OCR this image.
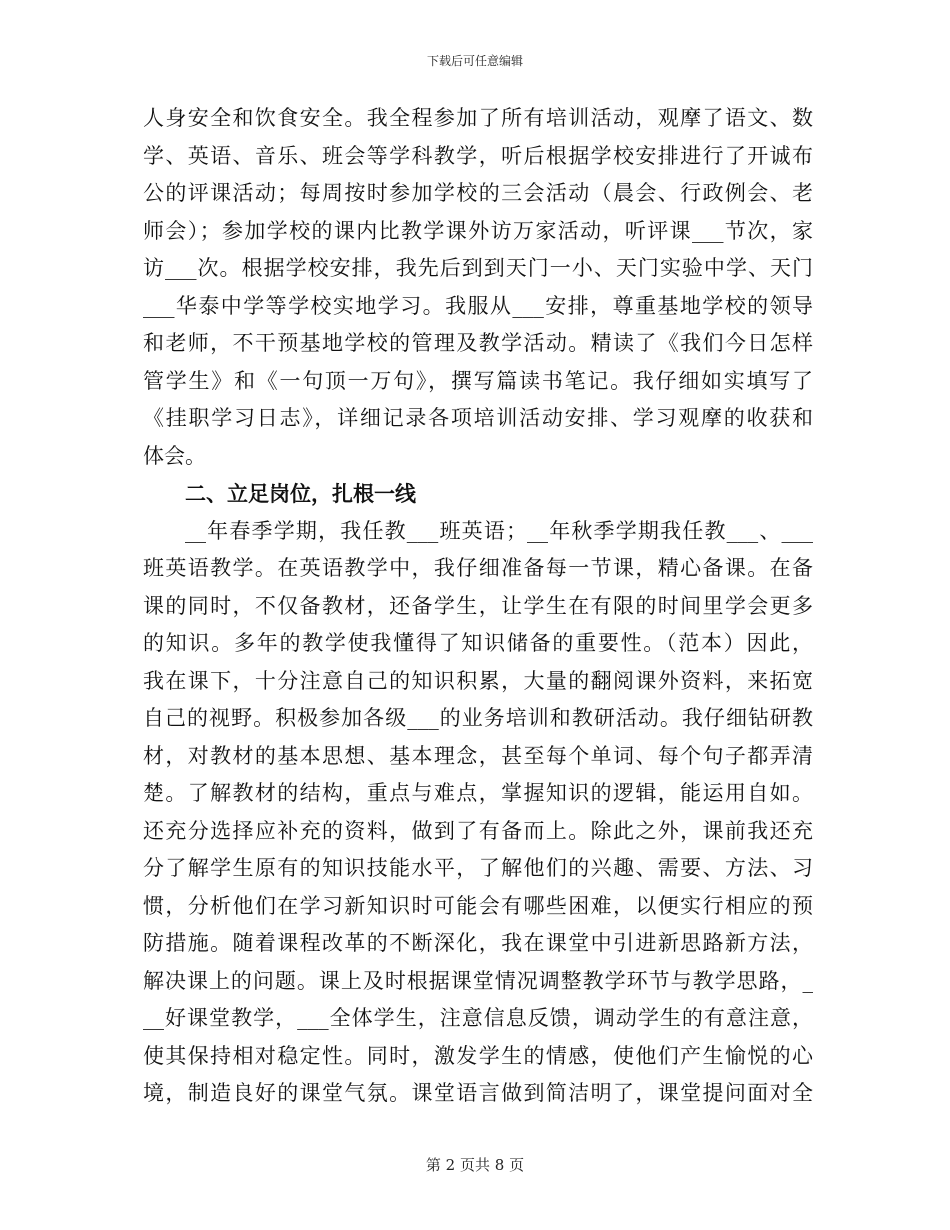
下载后可任意编辑
人身安全和饮食安全。我全程参加了所有培训活动，观摩了语文、数
学、英语、音乐、班会等学科教学，听后根据学校安排进行了开诚布
公的评课活动；每周按时参加学校的三会活动（晨会、行政例会、老
师会）；参加学校的课内比教学课外访万家活动，听评课___节次，家
访___次。根据学校安排，我先后到到天门一小、天门实验中学、天门
___华泰中学等学校实地学习。我服从___安排，尊重基地学校的领导
和老师，不干预基地学校的管理及教学活动。精读了《我们今日怎样
管学生》和《一句顶一万句》，撰写篇读书笔记。我仔细如实填写了
《挂职学习日志》，详细记录各项培训活动安排、学习观摩的收获和
体会。
二、立足岗位，扎根一线
__年春季学期，我任教___班英语；__年秋季学期我任教___、___
班英语教学。在英语教学中，我仔细准备每一节课，精心备课。在备
课的同时，不仅备教材，还备学生，让学生在有限的时间里学会更多
的知识。多年的教学使我懂得了知识储备的重要性。（范本）因此，
我在课下，十分注意自己的知识积累，大量的翻阅课外资料，来拓宽
自己的视野。积极参加各级___的业务培训和教研活动。我仔细钻研教
材，对教材的基本思想、基本理念，甚至每个单词、每个句子都弄清
楚。了解教材的结构，重点与难点，掌握知识的逻辑，能运用自如。
还充分选择应补充的资料，做到了有备而上。除此之外，课前我还充
分了解学生原有的知识技能水平，了解他们的兴趣、需要、方法、习
惯，分析他们在学习新知识时可能会有哪些困难，以便实行相应的预
防措施。随着课程改革的不断深化，我在课堂中引进新思路新方法，
解决课上的问题。课上及时根据课堂情况调整教学环节与教学思路，_
__好课堂教学，___全体学生，注意信息反馈，调动学生的有意注意，
使其保持相对稳定性。同时，激发学生的情感，使他们产生愉悦的心
境，制造良好的课堂气氛。课堂语言做到简洁明了，课堂提问面对全
第 2 页共 8 页
